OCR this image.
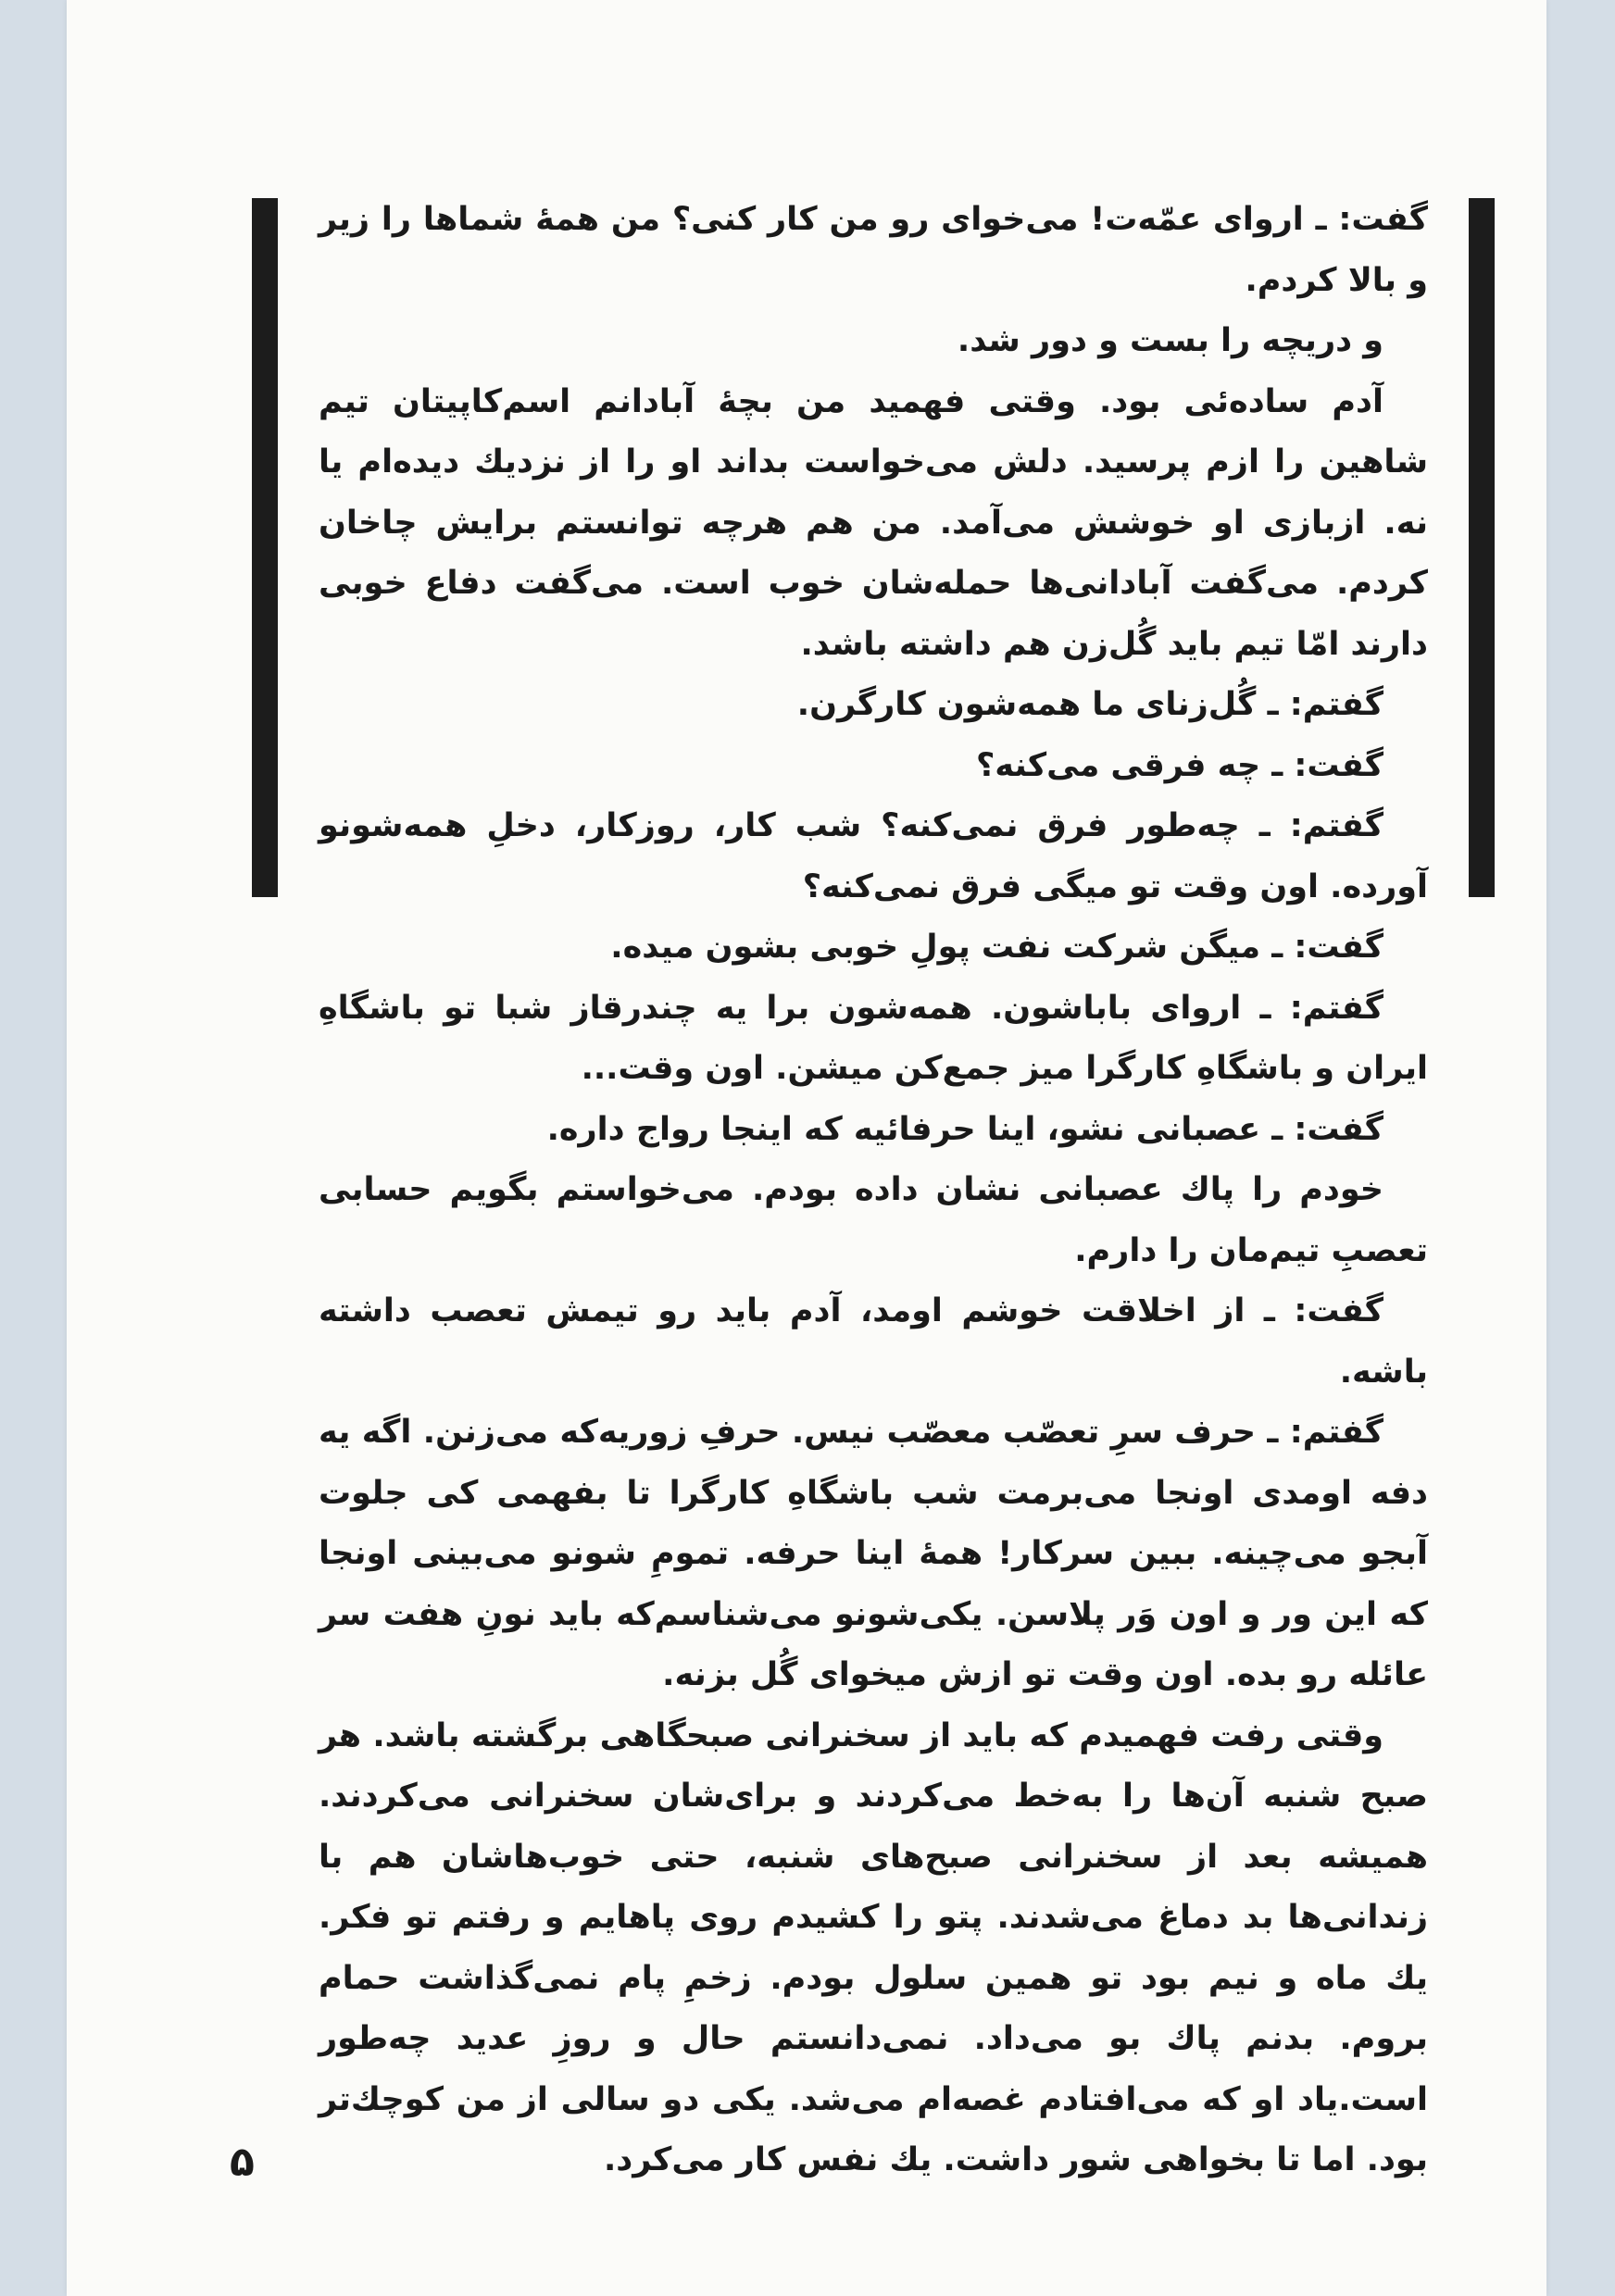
گفت: ـ اروای عمّه‌ت! می‌خوای رو من کار کنی؟ من همهٔ شماها را زیر و بالا کردم.

و دریچه را بست و دور شد.

آدم ساده‌ئی بود. وقتی فهمید من بچهٔ آبادانم اسم‌کاپیتان تیم شاهین را ازم پرسید. دلش می‌خواست بداند او را از نزدیك دیده‌ام یا نه. ازبازی او خوشش می‌آمد. من هم هرچه توانستم برایش چاخان کردم. می‌گفت آبادانی‌ها حمله‌شان خوب است. می‌گفت دفاع خوبی دارند امّا تیم باید گُل‌زن هم داشته باشد.

گفتم: ـ گُل‌زنای ما همه‌شون کارگرن.

گفت: ـ چه فرقی می‌کنه؟

گفتم: ـ چه‌طور فرق نمی‌کنه؟ شب کار، روزکار، دخلِ همه‌شونو آورده. اون وقت تو میگی فرق نمی‌کنه؟

گفت: ـ میگن شرکت نفت پولِ خوبی بشون میده.

گفتم: ـ اروای باباشون. همه‌شون برا یه چندرقاز شبا تو باشگاهِ ایران و باشگاهِ کارگرا میز جمع‌کن میشن. اون وقت...

گفت: ـ عصبانی نشو، اینا حرفائیه که اینجا رواج داره.

خودم را پاك عصبانی نشان داده بودم. می‌خواستم بگویم حسابی تعصبِ تیم‌مان را دارم.

گفت: ـ از اخلاقت خوشم اومد، آدم باید رو تیمش تعصب داشته باشه.

گفتم: ـ حرف سرِ تعصّب معصّب نیس. حرفِ زوریه‌که می‌زنن. اگه یه دفه اومدی اونجا می‌برمت شب باشگاهِ کارگرا تا بفهمی کی جلوت آبجو می‌چینه. ببین سرکار! همهٔ اینا حرفه. تمومِ شونو می‌بینی اونجا که این ور و اون وَر پلاسن. یکی‌شونو می‌شناسم‌که باید نونِ هفت سر عائله رو بده. اون وقت تو ازش میخوای گُل بزنه.

وقتی رفت فهمیدم که باید از سخنرانی صبحگاهی برگشته باشد. هر صبح شنبه آن‌ها را به‌خط می‌کردند و برای‌شان سخنرانی می‌کردند. همیشه بعد از سخنرانی صبح‌های شنبه، حتی خوب‌هاشان هم با زندانی‌ها بد دماغ می‌شدند. پتو را کشیدم روی پاهایم و رفتم تو فکر. یك ماه و نیم بود تو همین سلول بودم. زخمِ پام نمی‌گذاشت حمام بروم. بدنم پاك بو می‌داد. نمی‌دانستم حال و روزِ عدید چه‌طور است.یاد او که می‌افتادم غصه‌ام می‌شد. یکی دو سالی از من کوچك‌تر بود. اما تا بخواهی شور داشت. یك نفس کار می‌کرد.

۵
